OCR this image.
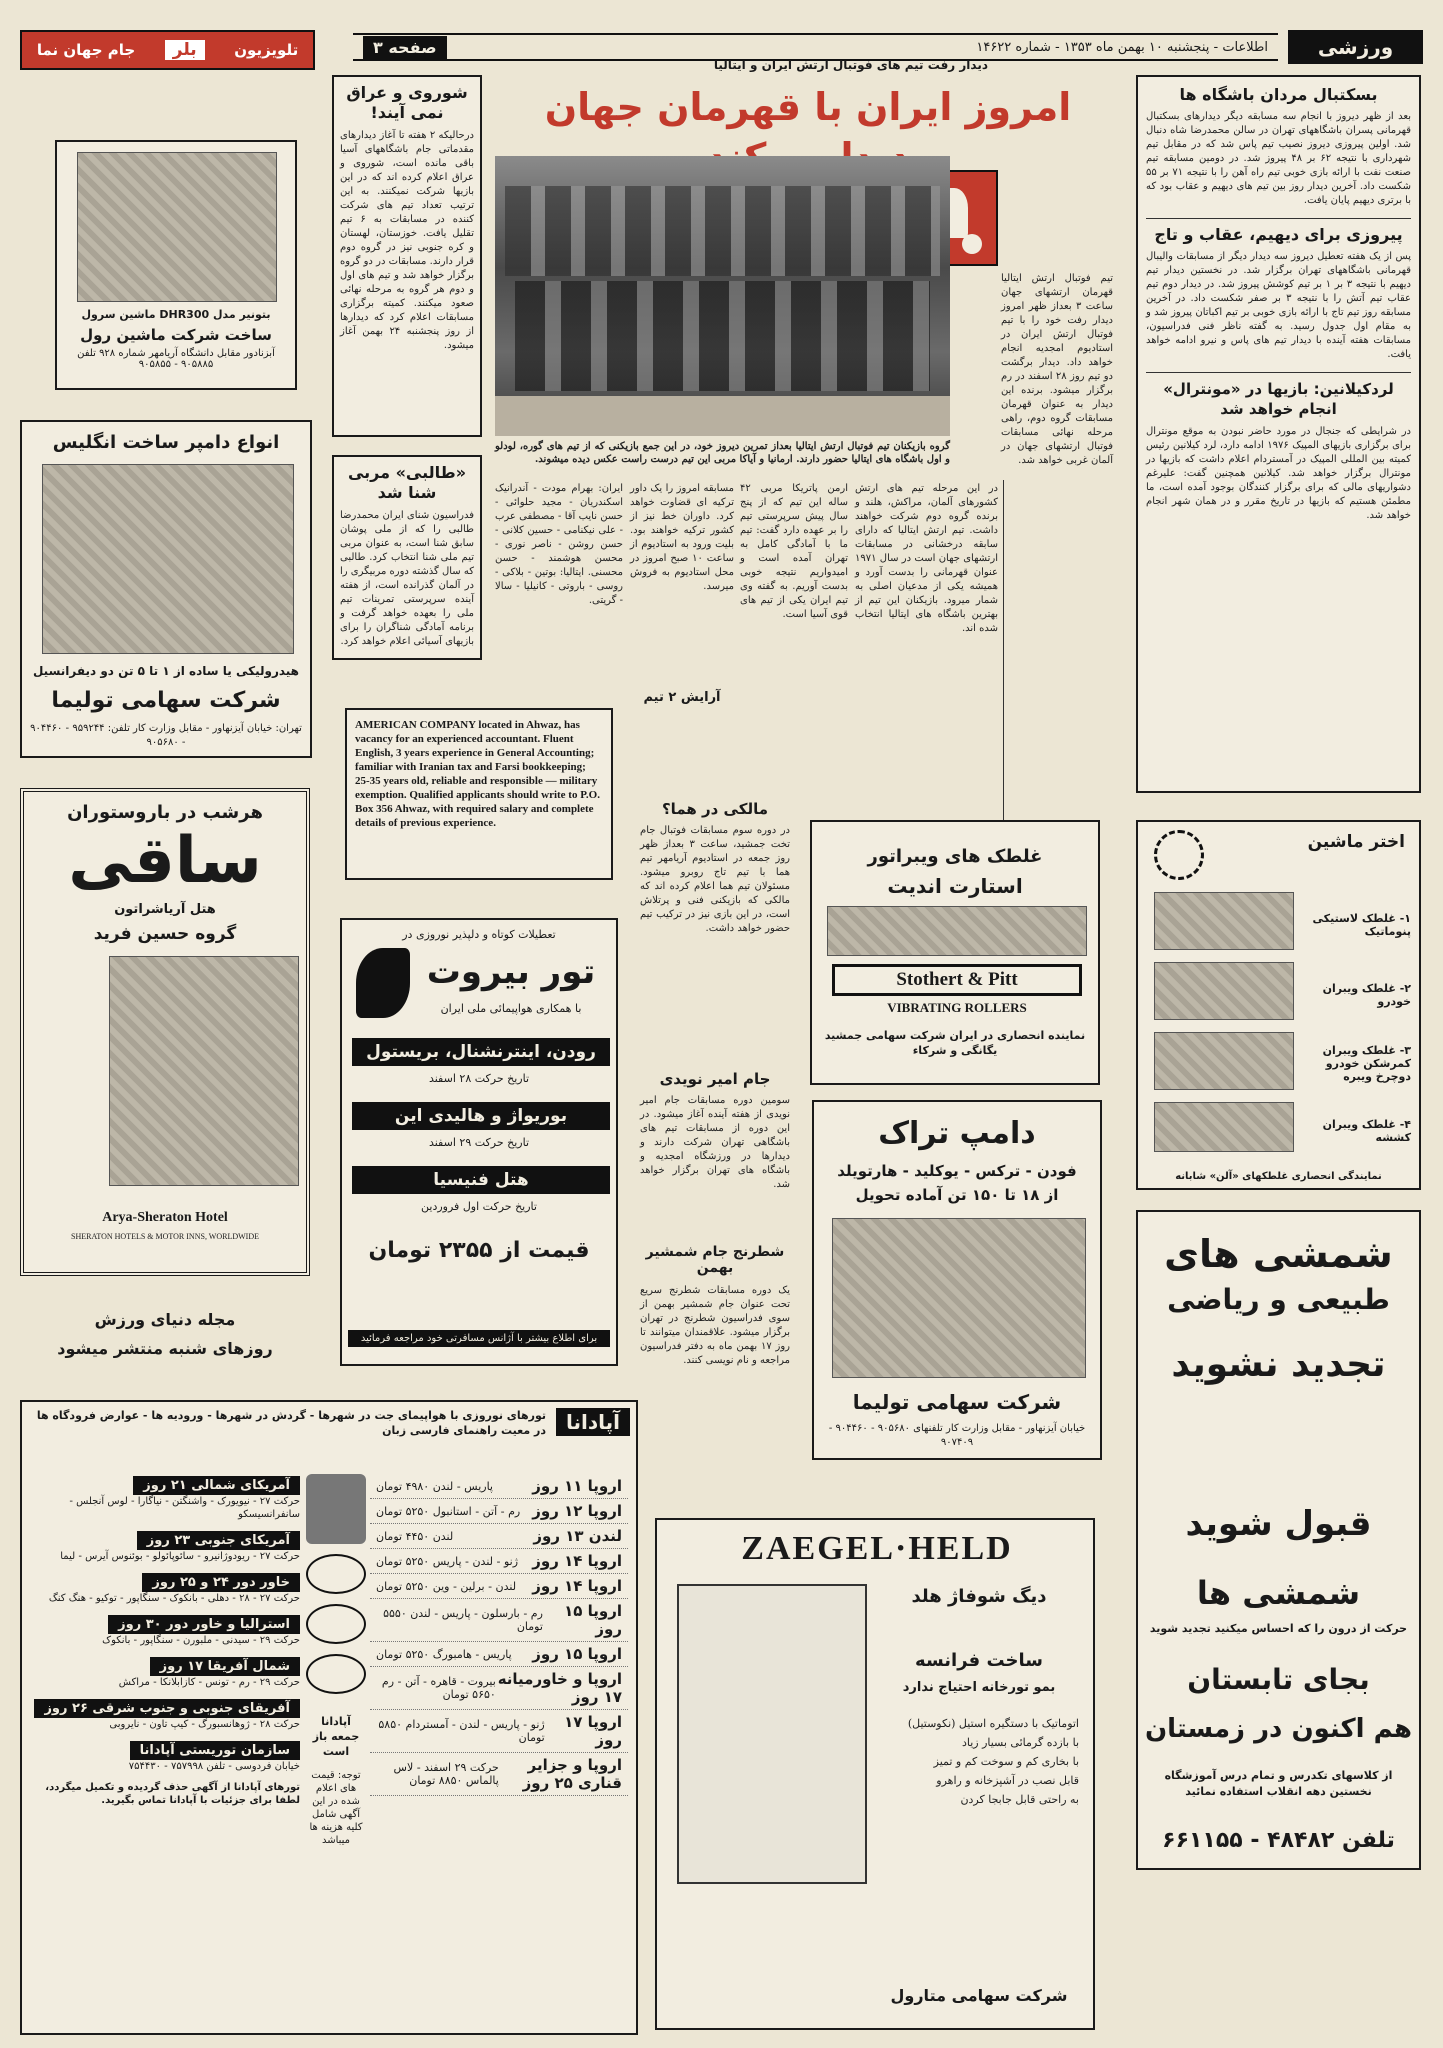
ورزشی
اطلاعات - پنجشنبه ۱۰ بهمن ماه ۱۳۵۳ - شماره ۱۴۶۲۲
صفحه ۳
تلویزیون
بلر
جام جهان نما
بتونیر مدل DHR300 ماشین سرول
ساخت شرکت ماشین رول
آبزنادور مقابل دانشگاه آریامهر شماره ۹۲۸ تلفن ۹۰۵۸۸۵ - ۹۰۵۸۵۵
انواع دامپر ساخت انگلیس
هیدرولیکی یا ساده از ۱ تا ۵ تن دو دیفرانسیل
شرکت سهامی تولیما
تهران: خیابان آیزنهاور - مقابل وزارت کار تلفن: ۹۵۹۲۴۴ - ۹۰۴۴۶۰ - ۹۰۵۶۸۰
هرشب در باروستوران
ساقی
هتل آریاشراتون
گروه حسین فرید
Arya-Sheraton Hotel
SHERATON HOTELS & MOTOR INNS, WORLDWIDE
مجله دنیای ورزش
روزهای شنبه منتشر میشود
شوروی و عراق نمی آیند!
درحالیکه ۲ هفته تا آغاز دیدارهای مقدماتی جام باشگاههای آسیا باقی مانده است، شوروی و عراق اعلام کرده اند که در این بازیها شرکت نمیکنند. به این ترتیب تعداد تیم های شرکت کننده در مسابقات به ۶ تیم تقلیل یافت. خوزستان، لهستان و کره جنوبی نیز در گروه دوم قرار دارند. مسابقات در دو گروه برگزار خواهد شد و تیم های اول و دوم هر گروه به مرحله نهائی صعود میکنند. کمیته برگزاری مسابقات اعلام کرد که دیدارها از روز پنجشنبه ۲۴ بهمن آغاز میشود.
«طالبی» مربی شنا شد
فدراسیون شنای ایران محمدرضا طالبی را که از ملی پوشان سابق شنا است، به عنوان مربی تیم ملی شنا انتخاب کرد. طالبی که سال گذشته دوره مربیگری را در آلمان گذرانده است، از هفته آینده سرپرستی تمرینات تیم ملی را بعهده خواهد گرفت و برنامه آمادگی شناگران را برای بازیهای آسیائی اعلام خواهد کرد.
AMERICAN COMPANY located in Ahwaz, has vacancy for an experienced accountant. Fluent English, 3 years experience in General Accounting; familiar with Iranian tax and Farsi bookkeeping; 25-35 years old, reliable and responsible — military exemption. Qualified applicants should write to P.O. Box 356 Ahwaz, with required salary and complete details of previous experience.
تعطیلات کوتاه و دلپذیر نوروزی در
تور بیروت
با همکاری هواپیمائی ملی ایران
رودن، اینترنشنال، بریستول
تاریخ حرکت ۲۸ اسفند
بوریواژ و هالیدی این
تاریخ حرکت ۲۹ اسفند
هتل فنیسیا
تاریخ حرکت اول فروردین
قیمت از ۲۳۵۵ تومان
برای اطلاع بیشتر با آژانس مسافرتی خود مراجعه فرمائید
دیدار رفت تیم های فوتبال ارتش ایران و ایتالیا
امروز ایران با قهرمان جهان
گروه بازیکنان تیم فوتبال ارتش ایتالیا بعداز تمرین دیروز خود، در این جمع بازیکنی که از تیم های گوره، لودلو و اول باشگاه های ایتالیا حضور دارند. ارمانیا و آیاکا مربی این تیم درست راست عکس دیده میشوند.
تیم فوتبال ارتش ایتالیا قهرمان ارتشهای جهان ساعت ۳ بعداز ظهر امروز دیدار رفت خود را با تیم فوتبال ارتش ایران در استادیوم امجدیه انجام خواهد داد. دیدار برگشت دو تیم روز ۲۸ اسفند در رم برگزار میشود. برنده این دیدار به عنوان قهرمان مسابقات گروه دوم، راهی مرحله نهائی مسابقات فوتبال ارتشهای جهان در آلمان غربی خواهد شد.
در این مرحله تیم های ارتش کشورهای آلمان، مراکش، هلند و برنده گروه دوم شرکت خواهند داشت. تیم ارتش ایتالیا که دارای سابقه درخشانی در مسابقات ارتشهای جهان است در سال ۱۹۷۱ عنوان قهرمانی را بدست آورد و همیشه یکی از مدعیان اصلی به شمار میرود. بازیکنان این تیم از بهترین باشگاه های ایتالیا انتخاب شده اند.
ارمن پاتریکا مربی ۴۲ ساله این تیم که از پنج سال پیش سرپرستی تیم را بر عهده دارد گفت: تیم ما با آمادگی کامل به تهران آمده است و امیدواریم نتیجه خوبی بدست آوریم. به گفته وی تیم ایران یکی از تیم های قوی آسیا است.
مسابقه امروز را یک داور ترکیه ای قضاوت خواهد کرد. داوران خط نیز از کشور ترکیه خواهند بود. بلیت ورود به استادیوم از ساعت ۱۰ صبح امروز در محل استادیوم به فروش میرسد.
ایران: بهرام مودت - آندرانیک اسکندریان - مجید حلوائی - حسن نایب آقا - مصطفی عرب - علی نیکنامی - حسین کلانی - حسن روشن - ناصر نوری - محسن هوشمند - حسن محسنی. ایتالیا: بوتین - بلاکی - روسی - باروتی - کانیلیا - سالا - گریتی.
آرایش ۲ تیم
مالکی در هما؟
در دوره سوم مسابقات فوتبال جام تخت جمشید، ساعت ۳ بعداز ظهر روز جمعه در استادیوم آریامهر تیم هما با تیم تاج روبرو میشود. مسئولان تیم هما اعلام کرده اند که مالکی که بازیکنی فنی و پرتلاش است، در این بازی نیز در ترکیب تیم حضور خواهد داشت.
جام امیر نویدی
سومین دوره مسابقات جام امیر نویدی از هفته آینده آغاز میشود. در این دوره از مسابقات تیم های باشگاهی تهران شرکت دارند و دیدارها در ورزشگاه امجدیه و باشگاه های تهران برگزار خواهد شد.
شطرنج جام شمشیر بهمن
یک دوره مسابقات شطرنج سریع تحت عنوان جام شمشیر بهمن از سوی فدراسیون شطرنج در تهران برگزار میشود. علاقمندان میتوانند تا روز ۱۷ بهمن ماه به دفتر فدراسیون مراجعه و نام نویسی کنند.
بسکتبال مردان باشگاه ها
بعد از ظهر دیروز با انجام سه مسابقه دیگر دیدارهای بسکتبال قهرمانی پسران باشگاههای تهران در سالن محمدرضا شاه دنبال شد. اولین پیروزی دیروز نصیب تیم پاس شد که در مقابل تیم شهرداری با نتیجه ۶۲ بر ۴۸ پیروز شد. در دومین مسابقه تیم صنعت نفت با ارائه بازی خوبی تیم راه آهن را با نتیجه ۷۱ بر ۵۵ شکست داد. آخرین دیدار روز بین تیم های دیهیم و عقاب بود که با برتری دیهیم پایان یافت.
پیروزی برای دیهیم، عقاب و تاج
پس از یک هفته تعطیل دیروز سه دیدار دیگر از مسابقات والیبال قهرمانی باشگاههای تهران برگزار شد. در نخستین دیدار تیم دیهیم با نتیجه ۳ بر ۱ بر تیم کوشش پیروز شد. در دیدار دوم تیم عقاب تیم آتش را با نتیجه ۳ بر صفر شکست داد. در آخرین مسابقه روز تیم تاج با ارائه بازی خوبی بر تیم اکباتان پیروز شد و به مقام اول جدول رسید. به گفته ناظر فنی فدراسیون، مسابقات هفته آینده با دیدار تیم های پاس و نیرو ادامه خواهد یافت.
لردکیلانین: بازیها در «مونترال» انجام خواهد شد
در شرایطی که جنجال در مورد حاضر نبودن به موقع مونترال برای برگزاری بازیهای المپیک ۱۹۷۶ ادامه دارد، لرد کیلانین رئیس کمیته بین المللی المپیک در آمستردام اعلام داشت که بازیها در مونترال برگزار خواهد شد. کیلانین همچنین گفت: علیرغم دشواریهای مالی که برای برگزار کنندگان بوجود آمده است، ما مطمئن هستیم که بازیها در تاریخ مقرر و در همان شهر انجام خواهد شد.
غلطک های ویبراتور
استارت اندیت
Stothert & Pitt
VIBRATING ROLLERS
نماینده انحصاری در ایران شرکت سهامی جمشید یگانگی و شرکاء
اختر ماشین
۱- غلطک لاستیکی پنوماتیک
۲- غلطک ویبران خودرو
۳- غلطک ویبران کمرشکن خودرو دوچرخ ویبره
۴- غلطک ویبران کششه
نمایندگی انحصاری غلطکهای «آلن» شابانه
دامپ تراک
فودن - ترکس - یوکلید - هارتویلد
از ۱۸ تا ۱۵۰ تن آماده تحویل
شرکت سهامی تولیما
خیابان آیزنهاور - مقابل وزارت کار تلفنهای ۹۰۵۶۸۰ - ۹۰۴۴۶۰ - ۹۰۷۴۰۹
شمشی های
طبیعی و ریاضی
تجدید نشوید
قبول شوید
شمشی ها
حرکت از درون را که احساس میکنید تجدید شوید
بجای تابستان
هم اکنون در زمستان
از کلاسهای تکدرس و تمام درس آموزشگاه نخستین دهه انقلاب استفاده نمائید
تلفن ۴۸۴۸۲ - ۶۶۱۱۵۵
ZAEGEL·HELD
دیگ شوفاژ هلد
ساخت فرانسه
بمو تورخانه احتیاج ندارد

اتوماتیک با دستگیره استیل (نکوستیل)

با بازده گرمائی بسیار زیاد

با بخاری کم و سوخت کم و تمیز

قابل نصب در آشپزخانه و راهرو

به راحتی قابل جابجا کردن

شرکت سهامی متارول
آپادانا
تورهای نوروزی با هواپیمای جت در شهرها - گردش در شهرها - ورودیه ها - عوارض فرودگاه ها در معیت راهنمای فارسی زبان
آمریکای شمالی ۲۱ روز
حرکت ۲۷ - نیویورک - واشنگتن - نیاگارا - لوس آنجلس - سانفرانسیسکو
آمریکای جنوبی ۲۳ روز
حرکت ۲۷ - ریودوژانیرو - سائوپائولو - بوئنوس آیرس - لیما
خاور دور ۲۴ و ۲۵ روز
حرکت ۲۷ - ۲۸ - دهلی - بانکوک - سنگاپور - توکیو - هنگ کنگ
استرالیا و خاور دور ۳۰ روز
حرکت ۲۹ - سیدنی - ملبورن - سنگاپور - بانکوک
شمال آفریقا ۱۷ روز
حرکت ۲۹ - رم - تونس - کازابلانکا - مراکش
آفریقای جنوبی و جنوب شرقی ۲۶ روز
حرکت ۲۸ - ژوهانسبورگ - کیپ تاون - نایروبی
سازمان توریستی آپادانا
خیابان فردوسی - تلفن ۷۵۷۹۹۸ - ۷۵۴۴۳۰
تورهای آپادانا از آگهی حذف گردیده و تکمیل میگردد، لطفا برای جزئیات با آپادانا تماس بگیرید.
آپادانا جمعه باز است
توجه: قیمت های اعلام شده در این آگهی شامل کلیه هزینه ها میباشد
اروپا ۱۱ روز
پاریس - لندن ۴۹۸۰ تومان
اروپا ۱۲ روز
رم - آتن - استانبول ۵۲۵۰ تومان
لندن ۱۳ روز
لندن ۴۴۵۰ تومان
اروپا ۱۴ روز
ژنو - لندن - پاریس ۵۲۵۰ تومان
اروپا ۱۴ روز
لندن - برلین - وین ۵۲۵۰ تومان
اروپا ۱۵ روز
رم - بارسلون - پاریس - لندن ۵۵۵۰ تومان
اروپا ۱۵ روز
پاریس - هامبورگ ۵۲۵۰ تومان
اروپا و خاورمیانه ۱۷ روز
بیروت - قاهره - آتن - رم ۵۶۵۰ تومان
اروپا ۱۷ روز
ژنو - پاریس - لندن - آمستردام ۵۸۵۰ تومان
اروپا و جزایر قناری ۲۵ روز
حرکت ۲۹ اسفند - لاس پالماس ۸۸۵۰ تومان
